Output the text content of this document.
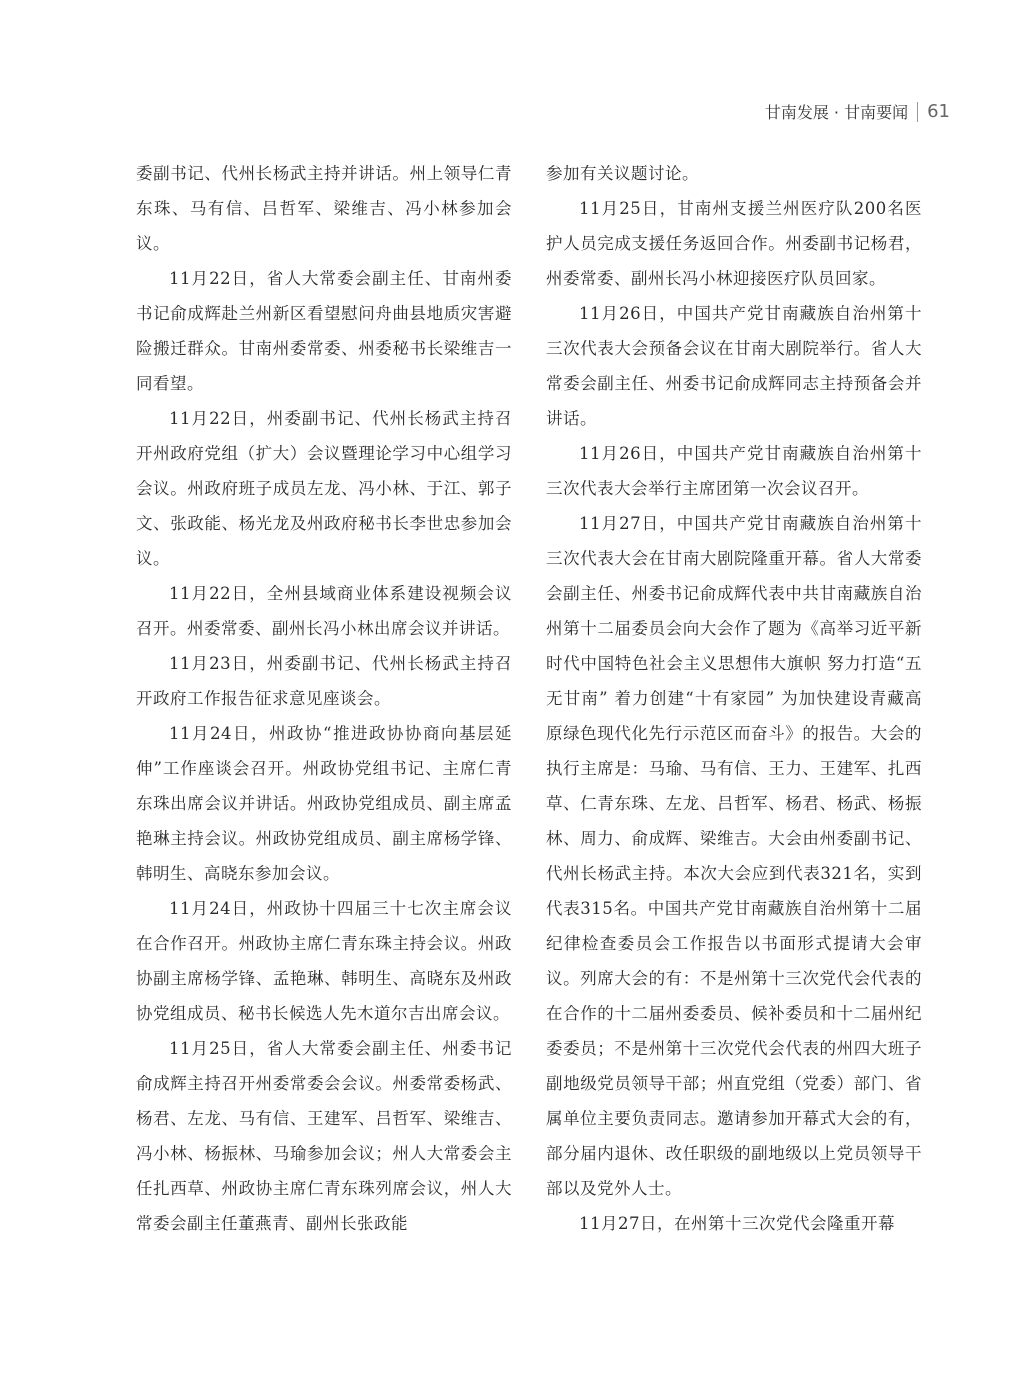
甘南发展 · 甘南要闻 61

委副书记、代州长杨武主持并讲话。州上领导仁青东珠、马有信、吕哲军、梁维吉、冯小林参加会议。

11月22日，省人大常委会副主任、甘南州委书记俞成辉赴兰州新区看望慰问舟曲县地质灾害避险搬迁群众。甘南州委常委、州委秘书长梁维吉一同看望。

11月22日，州委副书记、代州长杨武主持召开州政府党组（扩大）会议暨理论学习中心组学习会议。州政府班子成员左龙、冯小林、于江、郭子文、张政能、杨光龙及州政府秘书长李世忠参加会议。

11月22日，全州县域商业体系建设视频会议召开。州委常委、副州长冯小林出席会议并讲话。

11月23日，州委副书记、代州长杨武主持召开政府工作报告征求意见座谈会。

11月24日，州政协“推进政协协商向基层延伸”工作座谈会召开。州政协党组书记、主席仁青东珠出席会议并讲话。州政协党组成员、副主席孟艳琳主持会议。州政协党组成员、副主席杨学锋、韩明生、高晓东参加会议。

11月24日，州政协十四届三十七次主席会议在合作召开。州政协主席仁青东珠主持会议。州政协副主席杨学锋、孟艳琳、韩明生、高晓东及州政协党组成员、秘书长候选人先木道尔吉出席会议。

11月25日，省人大常委会副主任、州委书记俞成辉主持召开州委常委会会议。州委常委杨武、杨君、左龙、马有信、王建军、吕哲军、梁维吉、冯小林、杨振林、马瑜参加会议；州人大常委会主任扎西草、州政协主席仁青东珠列席会议，州人大常委会副主任董燕青、副州长张政能

参加有关议题讨论。

11月25日，甘南州支援兰州医疗队200名医护人员完成支援任务返回合作。州委副书记杨君，州委常委、副州长冯小林迎接医疗队员回家。

11月26日，中国共产党甘南藏族自治州第十三次代表大会预备会议在甘南大剧院举行。省人大常委会副主任、州委书记俞成辉同志主持预备会并讲话。

11月26日，中国共产党甘南藏族自治州第十三次代表大会举行主席团第一次会议召开。

11月27日，中国共产党甘南藏族自治州第十三次代表大会在甘南大剧院隆重开幕。省人大常委会副主任、州委书记俞成辉代表中共甘南藏族自治州第十二届委员会向大会作了题为《高举习近平新时代中国特色社会主义思想伟大旗帜 努力打造“五无甘南” 着力创建“十有家园” 为加快建设青藏高原绿色现代化先行示范区而奋斗》的报告。大会的执行主席是：马瑜、马有信、王力、王建军、扎西草、仁青东珠、左龙、吕哲军、杨君、杨武、杨振林、周力、俞成辉、梁维吉。大会由州委副书记、代州长杨武主持。本次大会应到代表321名，实到代表315名。中国共产党甘南藏族自治州第十二届纪律检查委员会工作报告以书面形式提请大会审议。列席大会的有：不是州第十三次党代会代表的在合作的十二届州委委员、候补委员和十二届州纪委委员；不是州第十三次党代会代表的州四大班子副地级党员领导干部；州直党组（党委）部门、省属单位主要负责同志。邀请参加开幕式大会的有，部分届内退休、改任职级的副地级以上党员领导干部以及党外人士。

11月27日，在州第十三次党代会隆重开幕
